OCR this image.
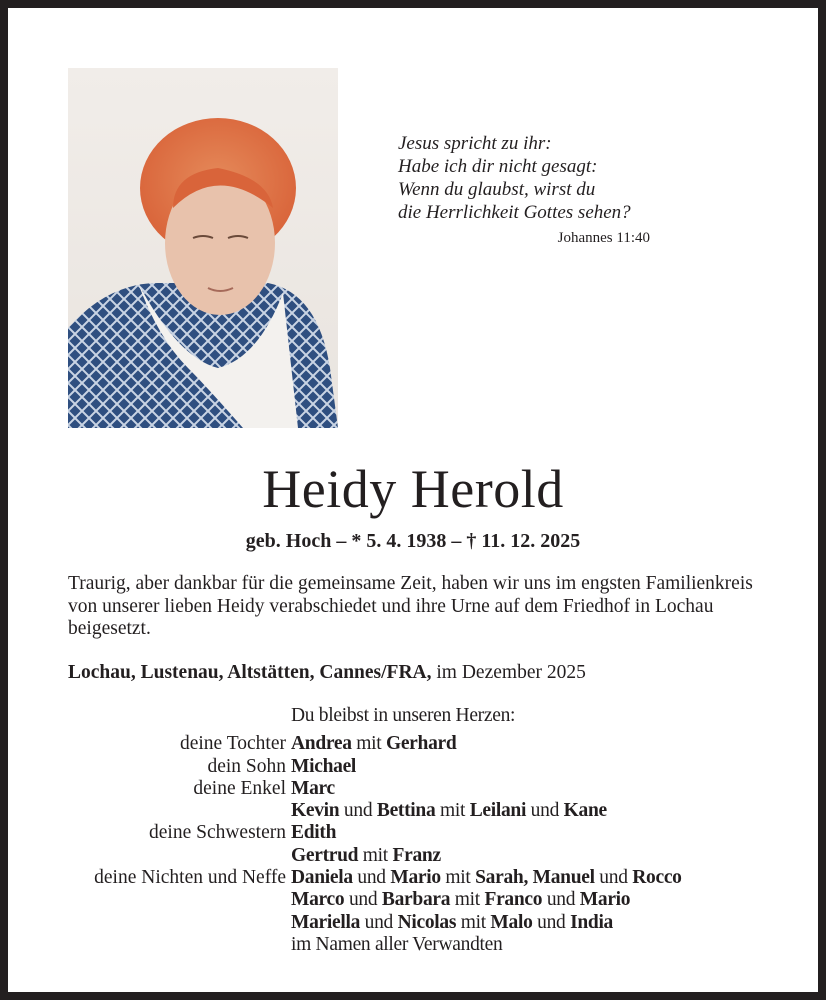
Jesus spricht zu ihr:
Habe ich dir nicht gesagt:
Wenn du glaubst, wirst du
die Herrlichkeit Gottes sehen?
Johannes 11:40
Heidy Herold
geb. Hoch – * 5. 4. 1938 – † 11. 12. 2025
Traurig, aber dankbar für die gemeinsame Zeit, haben wir uns im engsten Familienkreis von unserer lieben Heidy verabschiedet und ihre Urne auf dem Friedhof in Lochau beigesetzt.
Lochau, Lustenau, Altstätten, Cannes/FRA, im Dezember 2025
Du bleibst in unseren Herzen:
deine Tochter Andrea mit Gerhard
dein Sohn Michael
deine Enkel Marc
Kevin und Bettina mit Leilani und Kane
deine Schwestern Edith
Gertrud mit Franz
deine Nichten und Neffe Daniela und Mario mit Sarah, Manuel und Rocco
Marco und Barbara mit Franco und Mario
Mariella und Nicolas mit Malo und India
im Namen aller Verwandten
